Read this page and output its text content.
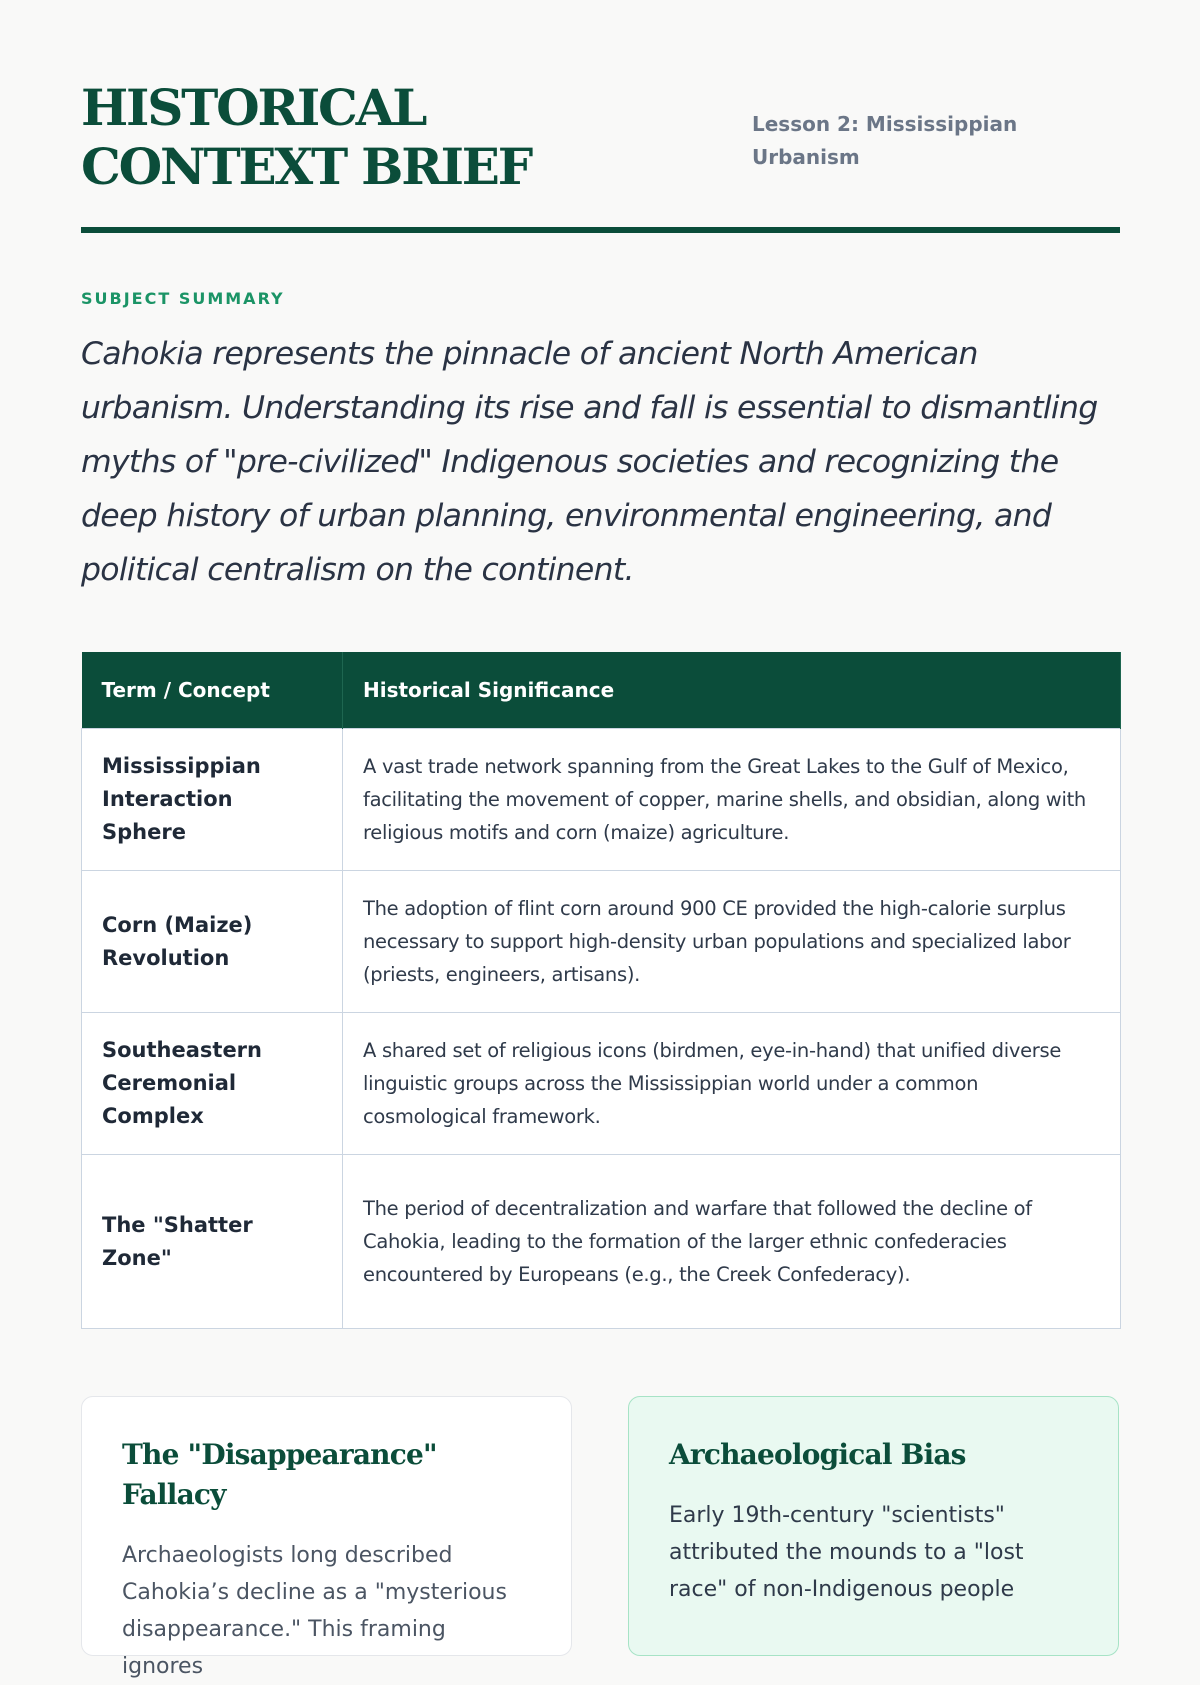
HISTORICAL CONTEXT BRIEF
Lesson 2: Mississippian Urbanism
SUBJECT SUMMARY

Cahokia represents the pinnacle of ancient North American urbanism. Understanding its rise and fall is essential to dismantling myths of "pre-civilized" Indigenous societies and recognizing the deep history of urban planning, environmental engineering, and political centralism on the continent.

Term / Concept	Historical Significance
Mississippian Interaction Sphere	A vast trade network spanning from the Great Lakes to the Gulf of Mexico, facilitating the movement of copper, marine shells, and obsidian, along with religious motifs and corn (maize) agriculture.
Corn (Maize) Revolution	The adoption of flint corn around 900 CE provided the high-calorie surplus necessary to support high-density urban populations and specialized labor (priests, engineers, artisans).
Southeastern Ceremonial Complex	A shared set of religious icons (birdmen, eye-in-hand) that unified diverse linguistic groups across the Mississippian world under a common cosmological framework.
The "Shatter Zone"	The period of decentralization and warfare that followed the decline of Cahokia, leading to the formation of the larger ethnic confederacies encountered by Europeans (e.g., the Creek Confederacy).
The "Disappearance" Fallacy

Archaeologists long described Cahokia’s decline as a "mysterious disappearance." This framing ignores

Archaeological Bias

Early 19th-century "scientists" attributed the mounds to a "lost race" of non-Indigenous people
